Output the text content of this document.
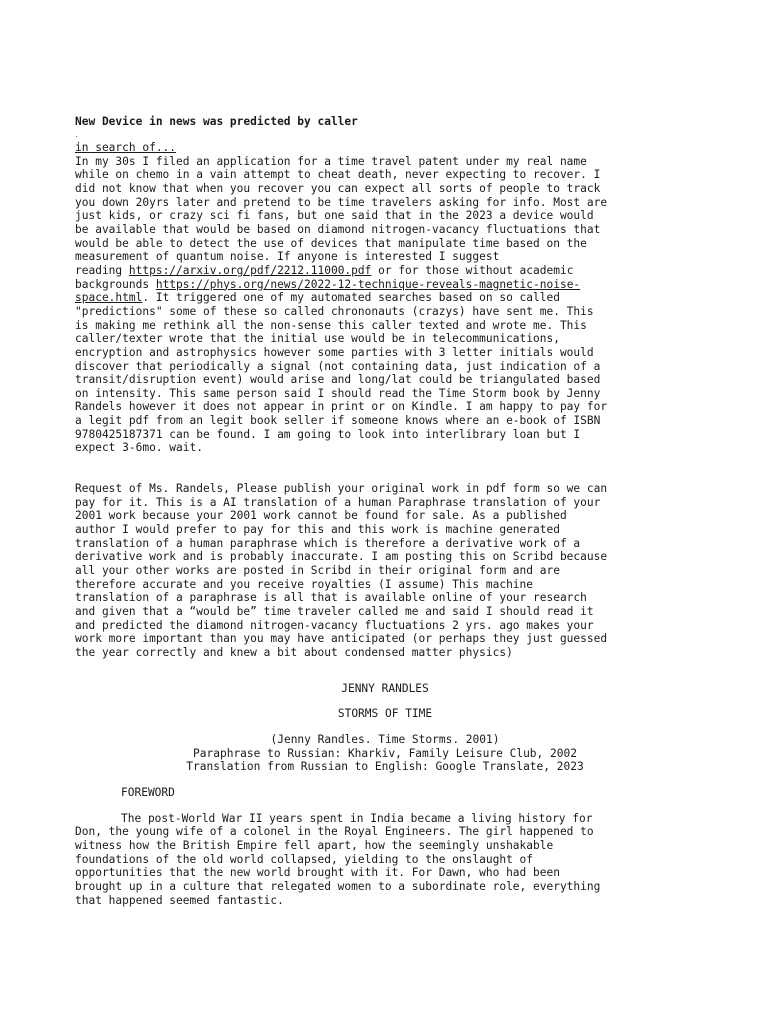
New Device in news was predicted by caller
.
in search of...
In my 30s I filed an application for a time travel patent under my real name
while on chemo in a vain attempt to cheat death, never expecting to recover. I
did not know that when you recover you can expect all sorts of people to track
you down 20yrs later and pretend to be time travelers asking for info. Most are
just kids, or crazy sci fi fans, but one said that in the 2023 a device would
be available that would be based on diamond nitrogen-vacancy fluctuations that
would be able to detect the use of devices that manipulate time based on the
measurement of quantum noise. If anyone is interested I suggest
reading https://arxiv.org/pdf/2212.11000.pdf or for those without academic
backgrounds https://phys.org/news/2022-12-technique-reveals-magnetic-noise-
space.html. It triggered one of my automated searches based on so called
"predictions" some of these so called chrononauts (crazys) have sent me. This
is making me rethink all the non-sense this caller texted and wrote me. This
caller/texter wrote that the initial use would be in telecommunications,
encryption and astrophysics however some parties with 3 letter initials would
discover that periodically a signal (not containing data, just indication of a
transit/disruption event) would arise and long/lat could be triangulated based
on intensity. This same person said I should read the Time Storm book by Jenny
Randels however it does not appear in print or on Kindle. I am happy to pay for
a legit pdf from an legit book seller if someone knows where an e-book of ISBN
9780425187371 can be found. I am going to look into interlibrary loan but I
expect 3-6mo. wait.
Request of Ms. Randels, Please publish your original work in pdf form so we can
pay for it. This is a AI translation of a human Paraphrase translation of your
2001 work because your 2001 work cannot be found for sale. As a published
author I would prefer to pay for this and this work is machine generated
translation of a human paraphrase which is therefore a derivative work of a
derivative work and is probably inaccurate. I am posting this on Scribd because
all your other works are posted in Scribd in their original form and are
therefore accurate and you receive royalties (I assume) This machine
translation of a paraphrase is all that is available online of your research
and given that a “would be” time traveler called me and said I should read it
and predicted the diamond nitrogen-vacancy fluctuations 2 yrs. ago makes your
work more important than you may have anticipated (or perhaps they just guessed
the year correctly and knew a bit about condensed matter physics)
JENNY RANDLES
STORMS OF TIME
(Jenny Randles. Time Storms. 2001)
Paraphrase to Russian: Kharkiv, Family Leisure Club, 2002
Translation from Russian to English: Google Translate, 2023
FOREWORD
The post-World War II years spent in India became a living history for
Don, the young wife of a colonel in the Royal Engineers. The girl happened to
witness how the British Empire fell apart, how the seemingly unshakable
foundations of the old world collapsed, yielding to the onslaught of
opportunities that the new world brought with it. For Dawn, who had been
brought up in a culture that relegated women to a subordinate role, everything
that happened seemed fantastic.
